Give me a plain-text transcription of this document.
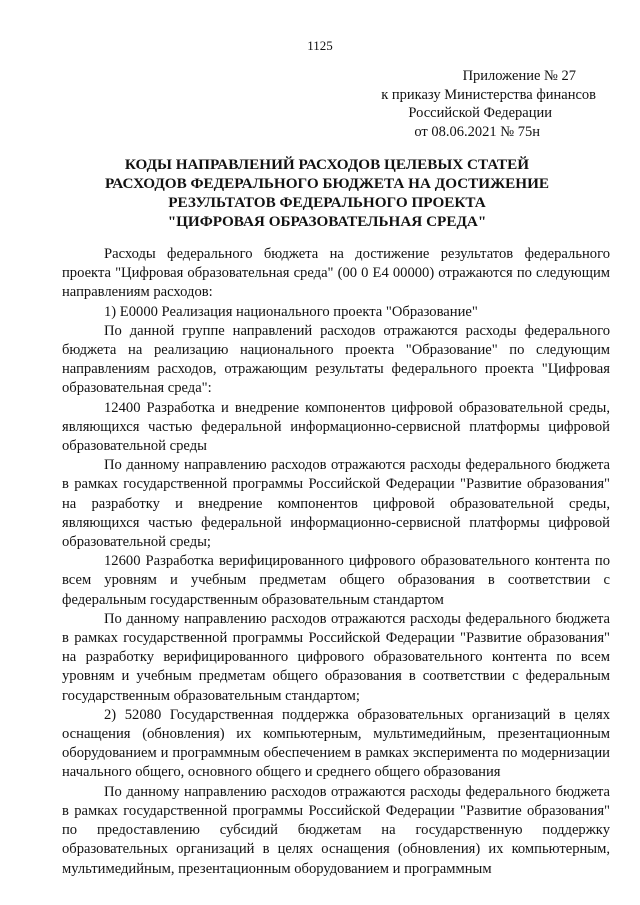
1125
Приложение № 27
к приказу Министерства финансов
Российской Федерации
от 08.06.2021 № 75н
КОДЫ НАПРАВЛЕНИЙ РАСХОДОВ ЦЕЛЕВЫХ СТАТЕЙ
РАСХОДОВ ФЕДЕРАЛЬНОГО БЮДЖЕТА НА ДОСТИЖЕНИЕ
РЕЗУЛЬТАТОВ ФЕДЕРАЛЬНОГО ПРОЕКТА
"ЦИФРОВАЯ ОБРАЗОВАТЕЛЬНАЯ СРЕДА"

Расходы федерального бюджета на достижение результатов федерального проекта "Цифровая образовательная среда" (00 0 Е4 00000) отражаются по следующим направлениям расходов:

1) Е0000 Реализация национального проекта "Образование"

По данной группе направлений расходов отражаются расходы федерального бюджета на реализацию национального проекта "Образование" по следующим направлениям расходов, отражающим результаты федерального проекта "Цифровая образовательная среда":

12400 Разработка и внедрение компонентов цифровой образовательной среды, являющихся частью федеральной информационно-сервисной платформы цифровой образовательной среды

По данному направлению расходов отражаются расходы федерального бюджета в рамках государственной программы Российской Федерации "Развитие образования" на разработку и внедрение компонентов цифровой образовательной среды, являющихся частью федеральной информационно-сервисной платформы цифровой образовательной среды;

12600 Разработка верифицированного цифрового образовательного контента по всем уровням и учебным предметам общего образования в соответствии с федеральным государственным образовательным стандартом

По данному направлению расходов отражаются расходы федерального бюджета в рамках государственной программы Российской Федерации "Развитие образования" на разработку верифицированного цифрового образовательного контента по всем уровням и учебным предметам общего образования в соответствии с федеральным государственным образовательным стандартом;

2) 52080 Государственная поддержка образовательных организаций в целях оснащения (обновления) их компьютерным, мультимедийным, презентационным оборудованием и программным обеспечением в рамках эксперимента по модернизации начального общего, основного общего и среднего общего образования

По данному направлению расходов отражаются расходы федерального бюджета в рамках государственной программы Российской Федерации "Развитие образования" по предоставлению субсидий бюджетам на государственную поддержку образовательных организаций в целях оснащения (обновления) их компьютерным, мультимедийным, презентационным оборудованием и программным
